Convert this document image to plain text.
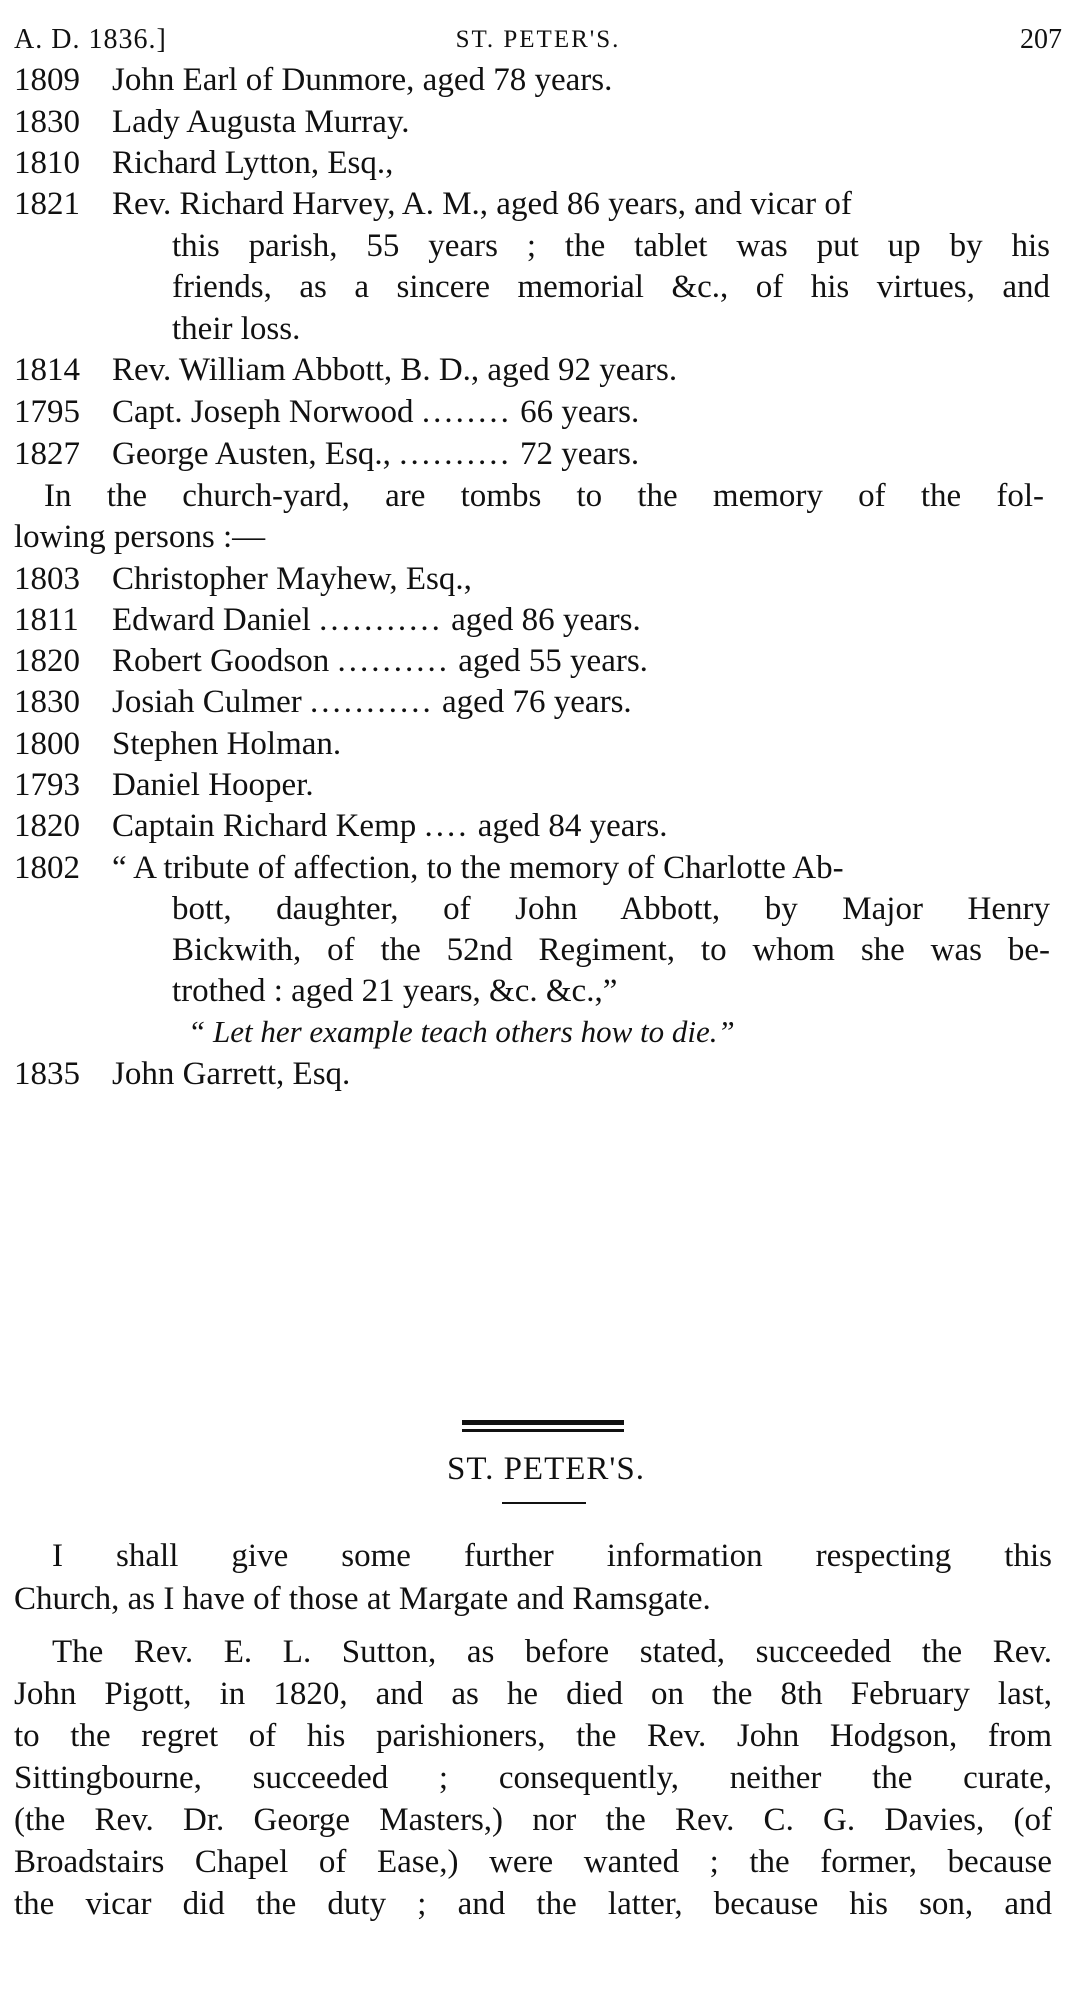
A. D. 1836.]	ST. PETER'S.	207
1809 John Earl of Dunmore, aged 78 years.
1830 Lady Augusta Murray.
1810 Richard Lytton, Esq.,
1821 Rev. Richard Harvey, A. M., aged 86 years, and vicar of
this parish, 55 years ; the tablet was put up by his
friends, as a sincere memorial &c., of his virtues, and
their loss.
1814 Rev. William Abbott, B. D., aged 92 years.
1795 Capt. Joseph Norwood ........ 66 years.
1827 George Austen, Esq., .......... 72 years.
In the church-yard, are tombs to the memory of the fol-
lowing persons :—
1803 Christopher Mayhew, Esq.,
1811 Edward Daniel ........... aged 86 years.
1820 Robert Goodson .......... aged 55 years.
1830 Josiah Culmer ........... aged 76 years.
1800 Stephen Holman.
1793 Daniel Hooper.
1820 Captain Richard Kemp .... aged 84 years.
1802 “ A tribute of affection, to the memory of Charlotte Ab-
bott, daughter, of John Abbott, by Major Henry
Bickwith, of the 52nd Regiment, to whom she was be-
trothed : aged 21 years, &c. &c.,”
“ Let her example teach others how to die.”
1835 John Garrett, Esq.
ST. PETER'S.
I shall give some further information respecting this
Church, as I have of those at Margate and Ramsgate.
The Rev. E. L. Sutton, as before stated, succeeded the Rev.
John Pigott, in 1820, and as he died on the 8th February last,
to the regret of his parishioners, the Rev. John Hodgson, from
Sittingbourne, succeeded ; consequently, neither the curate,
(the Rev. Dr. George Masters,) nor the Rev. C. G. Davies, (of
Broadstairs Chapel of Ease,) were wanted ; the former, because
the vicar did the duty ; and the latter, because his son, and
